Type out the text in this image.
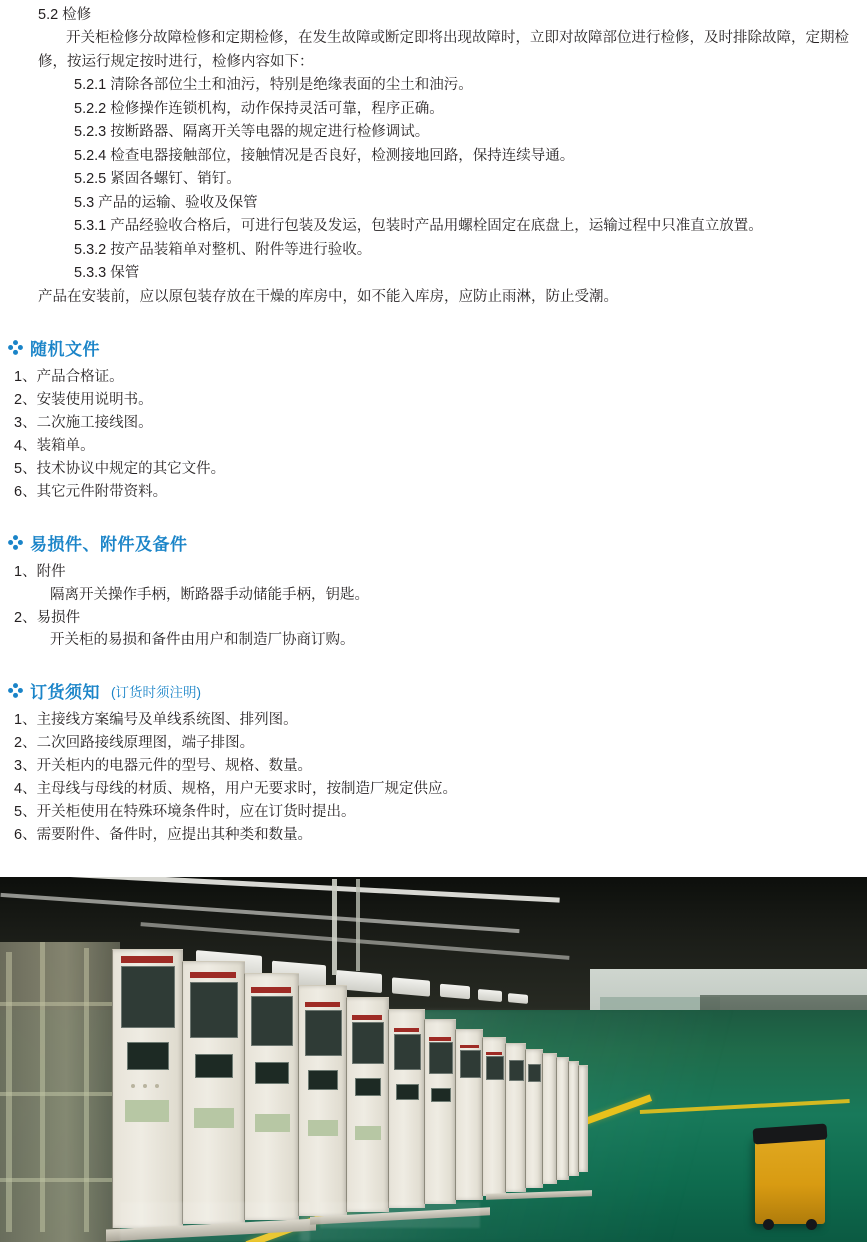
5.2 检修
开关柜检修分故障检修和定期检修，在发生故障或断定即将出现故障时，立即对故障部位进行检修，及时排除故障，定期检修，按运行规定按时进行，检修内容如下：
5.2.1 清除各部位尘土和油污，特别是绝缘表面的尘土和油污。
5.2.2 检修操作连锁机构，动作保持灵活可靠，程序正确。
5.2.3 按断路器、隔离开关等电器的规定进行检修调试。
5.2.4 检查电器接触部位，接触情况是否良好，检测接地回路，保持连续导通。
5.2.5 紧固各螺钉、销钉。
5.3 产品的运输、验收及保管
5.3.1 产品经验收合格后，可进行包装及发运，包装时产品用螺栓固定在底盘上，运输过程中只准直立放置。
5.3.2 按产品装箱单对整机、附件等进行验收。
5.3.3 保管
产品在安装前，应以原包装存放在干燥的库房中，如不能入库房，应防止雨淋，防止受潮。
随机文件
1、产品合格证。
2、安装使用说明书。
3、二次施工接线图。
4、装箱单。
5、技术协议中规定的其它文件。
6、其它元件附带资料。
易损件、附件及备件
1、附件
隔离开关操作手柄，断路器手动储能手柄，钥匙。
2、易损件
开关柜的易损和备件由用户和制造厂协商订购。
订货须知 (订货时须注明)
1、主接线方案编号及单线系统图、排列图。
2、二次回路接线原理图，端子排图。
3、开关柜内的电器元件的型号、规格、数量。
4、主母线与母线的材质、规格，用户无要求时，按制造厂规定供应。
5、开关柜使用在特殊环境条件时，应在订货时提出。
6、需要附件、备件时，应提出其种类和数量。
